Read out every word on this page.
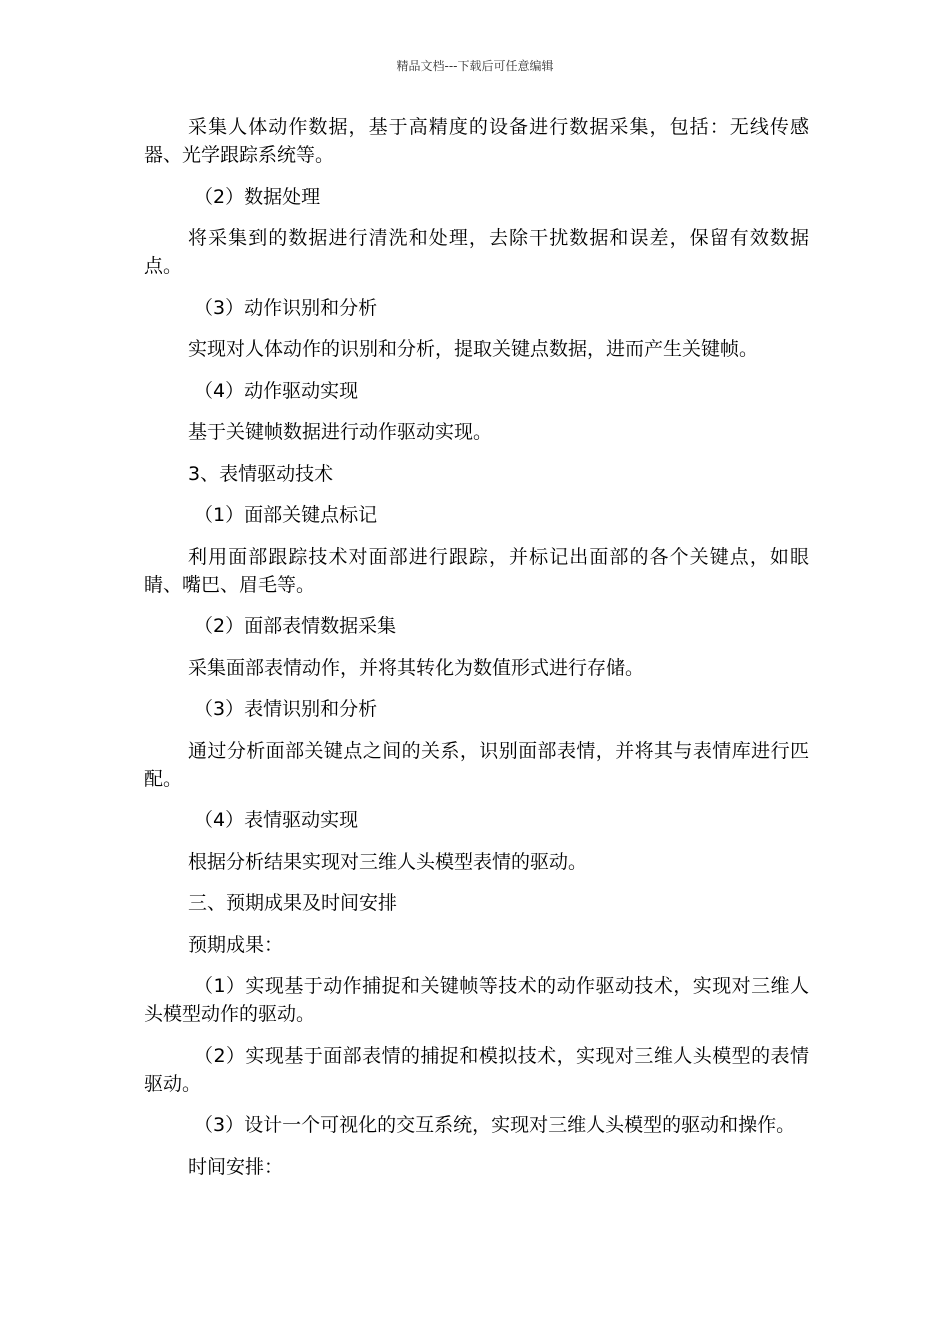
精品文档---下载后可任意编辑

采集人体动作数据，基于高精度的设备进行数据采集，包括：无线传感器、光学跟踪系统等。

（2）数据处理

将采集到的数据进行清洗和处理，去除干扰数据和误差，保留有效数据点。

（3）动作识别和分析

实现对人体动作的识别和分析，提取关键点数据，进而产生关键帧。

（4）动作驱动实现

基于关键帧数据进行动作驱动实现。

3、表情驱动技术

（1）面部关键点标记

利用面部跟踪技术对面部进行跟踪，并标记出面部的各个关键点，如眼睛、嘴巴、眉毛等。

（2）面部表情数据采集

采集面部表情动作，并将其转化为数值形式进行存储。

（3）表情识别和分析

通过分析面部关键点之间的关系，识别面部表情，并将其与表情库进行匹配。

（4）表情驱动实现

根据分析结果实现对三维人头模型表情的驱动。

三、预期成果及时间安排

预期成果：

（1）实现基于动作捕捉和关键帧等技术的动作驱动技术，实现对三维人头模型动作的驱动。

（2）实现基于面部表情的捕捉和模拟技术，实现对三维人头模型的表情驱动。

（3）设计一个可视化的交互系统，实现对三维人头模型的驱动和操作。

时间安排：
